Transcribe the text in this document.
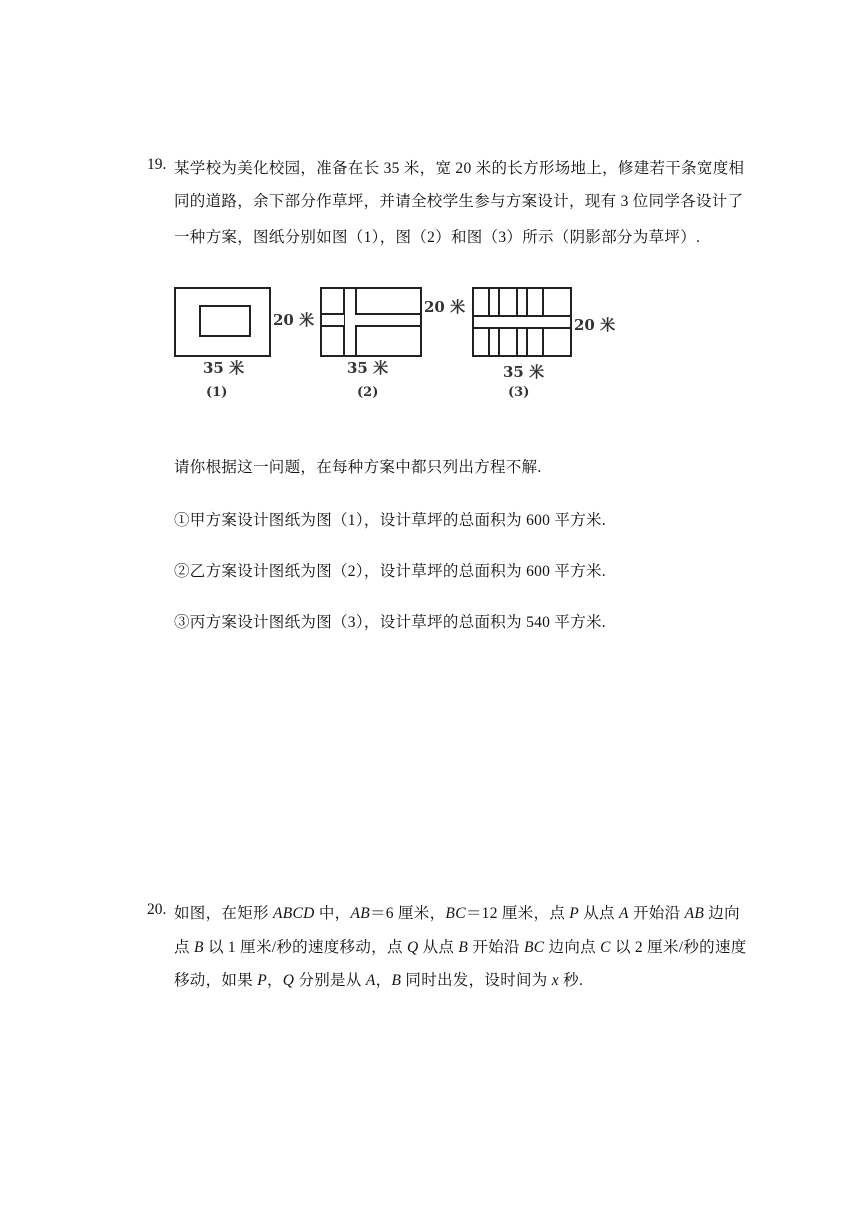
19. 某学校为美化校园，准备在长 35 米，宽 20 米的长方形场地上，修建若干条宽度相
同的道路，余下部分作草坪，并请全校学生参与方案设计，现有 3 位同学各设计了
一种方案，图纸分别如图（1），图（2）和图（3）所示（阴影部分为草坪）.
20 米
35 米
(1)
20 米
35 米
(2)
20 米
35 米
(3)
请你根据这一问题，在每种方案中都只列出方程不解.
①甲方案设计图纸为图（1），设计草坪的总面积为 600 平方米.
②乙方案设计图纸为图（2），设计草坪的总面积为 600 平方米.
③丙方案设计图纸为图（3），设计草坪的总面积为 540 平方米.
20. 如图，在矩形 ABCD 中，AB＝6 厘米，BC＝12 厘米，点 P 从点 A 开始沿 AB 边向
点 B 以 1 厘米/秒的速度移动，点 Q 从点 B 开始沿 BC 边向点 C 以 2 厘米/秒的速度
移动，如果 P，Q 分别是从 A，B 同时出发，设时间为 x 秒.
